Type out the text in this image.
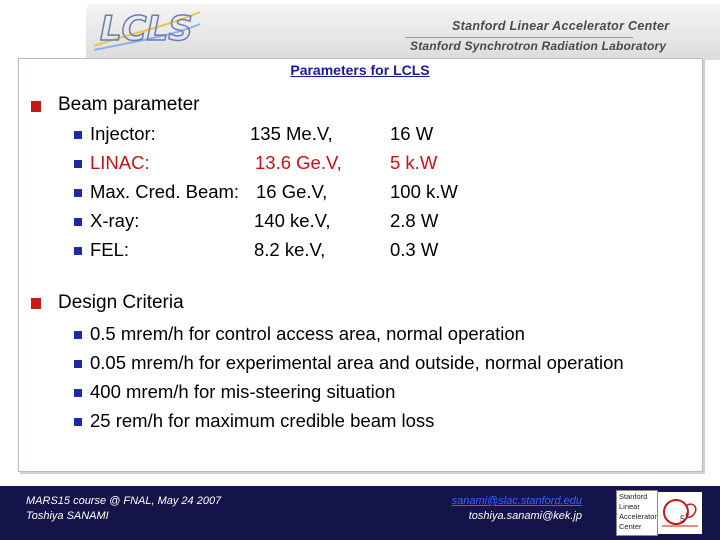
LCLS	Stanford Linear Accelerator Center
Stanford Synchrotron Radiation Laboratory
Parameters for LCLS
Beam parameter
Injector:	135 Me.V,	16 W
LINAC:	13.6 Ge.V,	5 k.W
Max. Cred. Beam: 16 Ge.V,	100 k.W
X-ray:	140 ke.V,	2.8 W
FEL:	8.2 ke.V,	0.3 W
Design Criteria
0.5 mrem/h for control access area, normal operation
0.05 mrem/h for experimental area and outside, normal operation
400 mrem/h for mis-steering situation
25 rem/h for maximum credible beam loss
MARS15 course @ FNAL, May 24 2007
Toshiya SANAMI
sanami@slac.stanford.edu
toshiya.sanami@kek.jp
Stanford
Linear
Accelerator
Center
5
